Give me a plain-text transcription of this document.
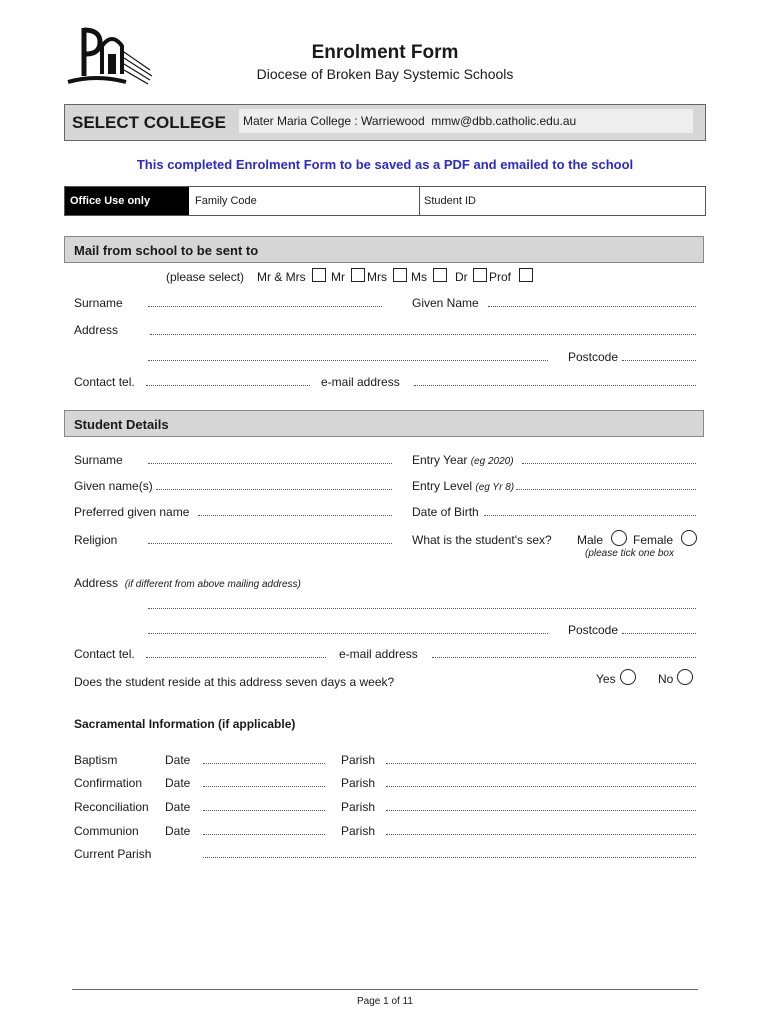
Enrolment Form
Diocese of Broken Bay Systemic Schools
SELECT COLLEGE Mater Maria College : Warriewood  mmw@dbb.catholic.edu.au
This completed Enrolment Form to be saved as a PDF and emailed to the school
Office Use only	Family Code	Student ID
Mail from school to be sent to
(please select) Mr & Mrs Mr Mrs Ms Dr Prof
Surname	Given Name
Address
Postcode
Contact tel.	e-mail address
Student Details
Surname	Entry Year (eg 2020)
Given name(s)	Entry Level (eg Yr 8)
Preferred given name	Date of Birth
Religion	What is the student's sex? Male Female
(please tick one box
Address (if different from above mailing address)
Postcode
Contact tel.	e-mail address
Does the student reside at this address seven days a week?	Yes	No
Sacramental Information (if applicable)
Baptism	Date	Parish
Confirmation Date	Parish
Reconciliation Date	Parish
Communion Date	Parish
Current Parish
Page 1 of 11
